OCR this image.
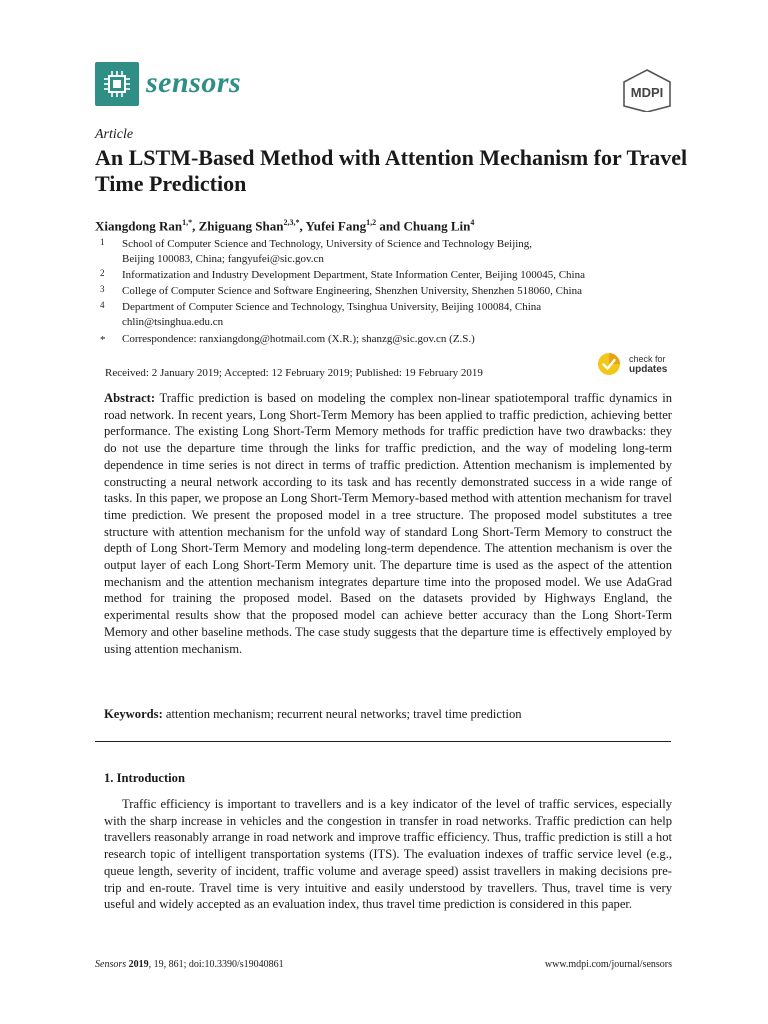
sensors	MDPI
Article
An LSTM-Based Method with Attention Mechanism for Travel Time Prediction
Xiangdong Ran$^{1,*}$, Zhiguang Shan$^{2,3,*}$, Yufei Fang$^{1,2}$ and Chuang Lin$^4$
1 School of Computer Science and Technology, University of Science and Technology Beijing,
Beijing 100083, China; fangyufei@sic.gov.cn
2 Informatization and Industry Development Department, State Information Center, Beijing 100045, China
3 College of Computer Science and Software Engineering, Shenzhen University, Shenzhen 518060, China
4 Department of Computer Science and Technology, Tsinghua University, Beijing 100084, China
chlin@tsinghua.edu.cn
* Correspondence: ranxiangdong@hotmail.com (X.R.); shanzg@sic.gov.cn (Z.S.)
Received: 2 January 2019; Accepted: 12 February 2019; Published: 19 February 2019
check for
updates
Abstract: Traffic prediction is based on modeling the complex non-linear spatiotemporal traffic dynamics in road network. In recent years, Long Short-Term Memory has been applied to traffic prediction, achieving better performance. The existing Long Short-Term Memory methods for traffic prediction have two drawbacks: they do not use the departure time through the links for traffic prediction, and the way of modeling long-term dependence in time series is not direct in terms of traffic prediction. Attention mechanism is implemented by constructing a neural network according to its task and has recently demonstrated success in a wide range of tasks. In this paper, we propose an Long Short-Term Memory-based method with attention mechanism for travel time prediction. We present the proposed model in a tree structure. The proposed model substitutes a tree structure with attention mechanism for the unfold way of standard Long Short-Term Memory to construct the depth of Long Short-Term Memory and modeling long-term dependence. The attention mechanism is over the output layer of each Long Short-Term Memory unit. The departure time is used as the aspect of the attention mechanism and the attention mechanism integrates departure time into the proposed model. We use AdaGrad method for training the proposed model. Based on the datasets provided by Highways England, the experimental results show that the proposed model can achieve better accuracy than the Long Short-Term Memory and other baseline methods. The case study suggests that the departure time is effectively employed by using attention mechanism.
Keywords: attention mechanism; recurrent neural networks; travel time prediction
1. Introduction
Traffic efficiency is important to travellers and is a key indicator of the level of traffic services, especially with the sharp increase in vehicles and the congestion in transfer in road networks. Traffic prediction can help travellers reasonably arrange in road network and improve traffic efficiency. Thus, traffic prediction is still a hot research topic of intelligent transportation systems (ITS). The evaluation indexes of traffic service level (e.g., queue length, severity of incident, traffic volume and average speed) assist travellers in making decisions pre-trip and en-route. Travel time is very intuitive and easily understood by travellers. Thus, travel time is very useful and widely accepted as an evaluation index, thus travel time prediction is considered in this paper.
Sensors 2019, 19, 861; doi:10.3390/s19040861	www.mdpi.com/journal/sensors
